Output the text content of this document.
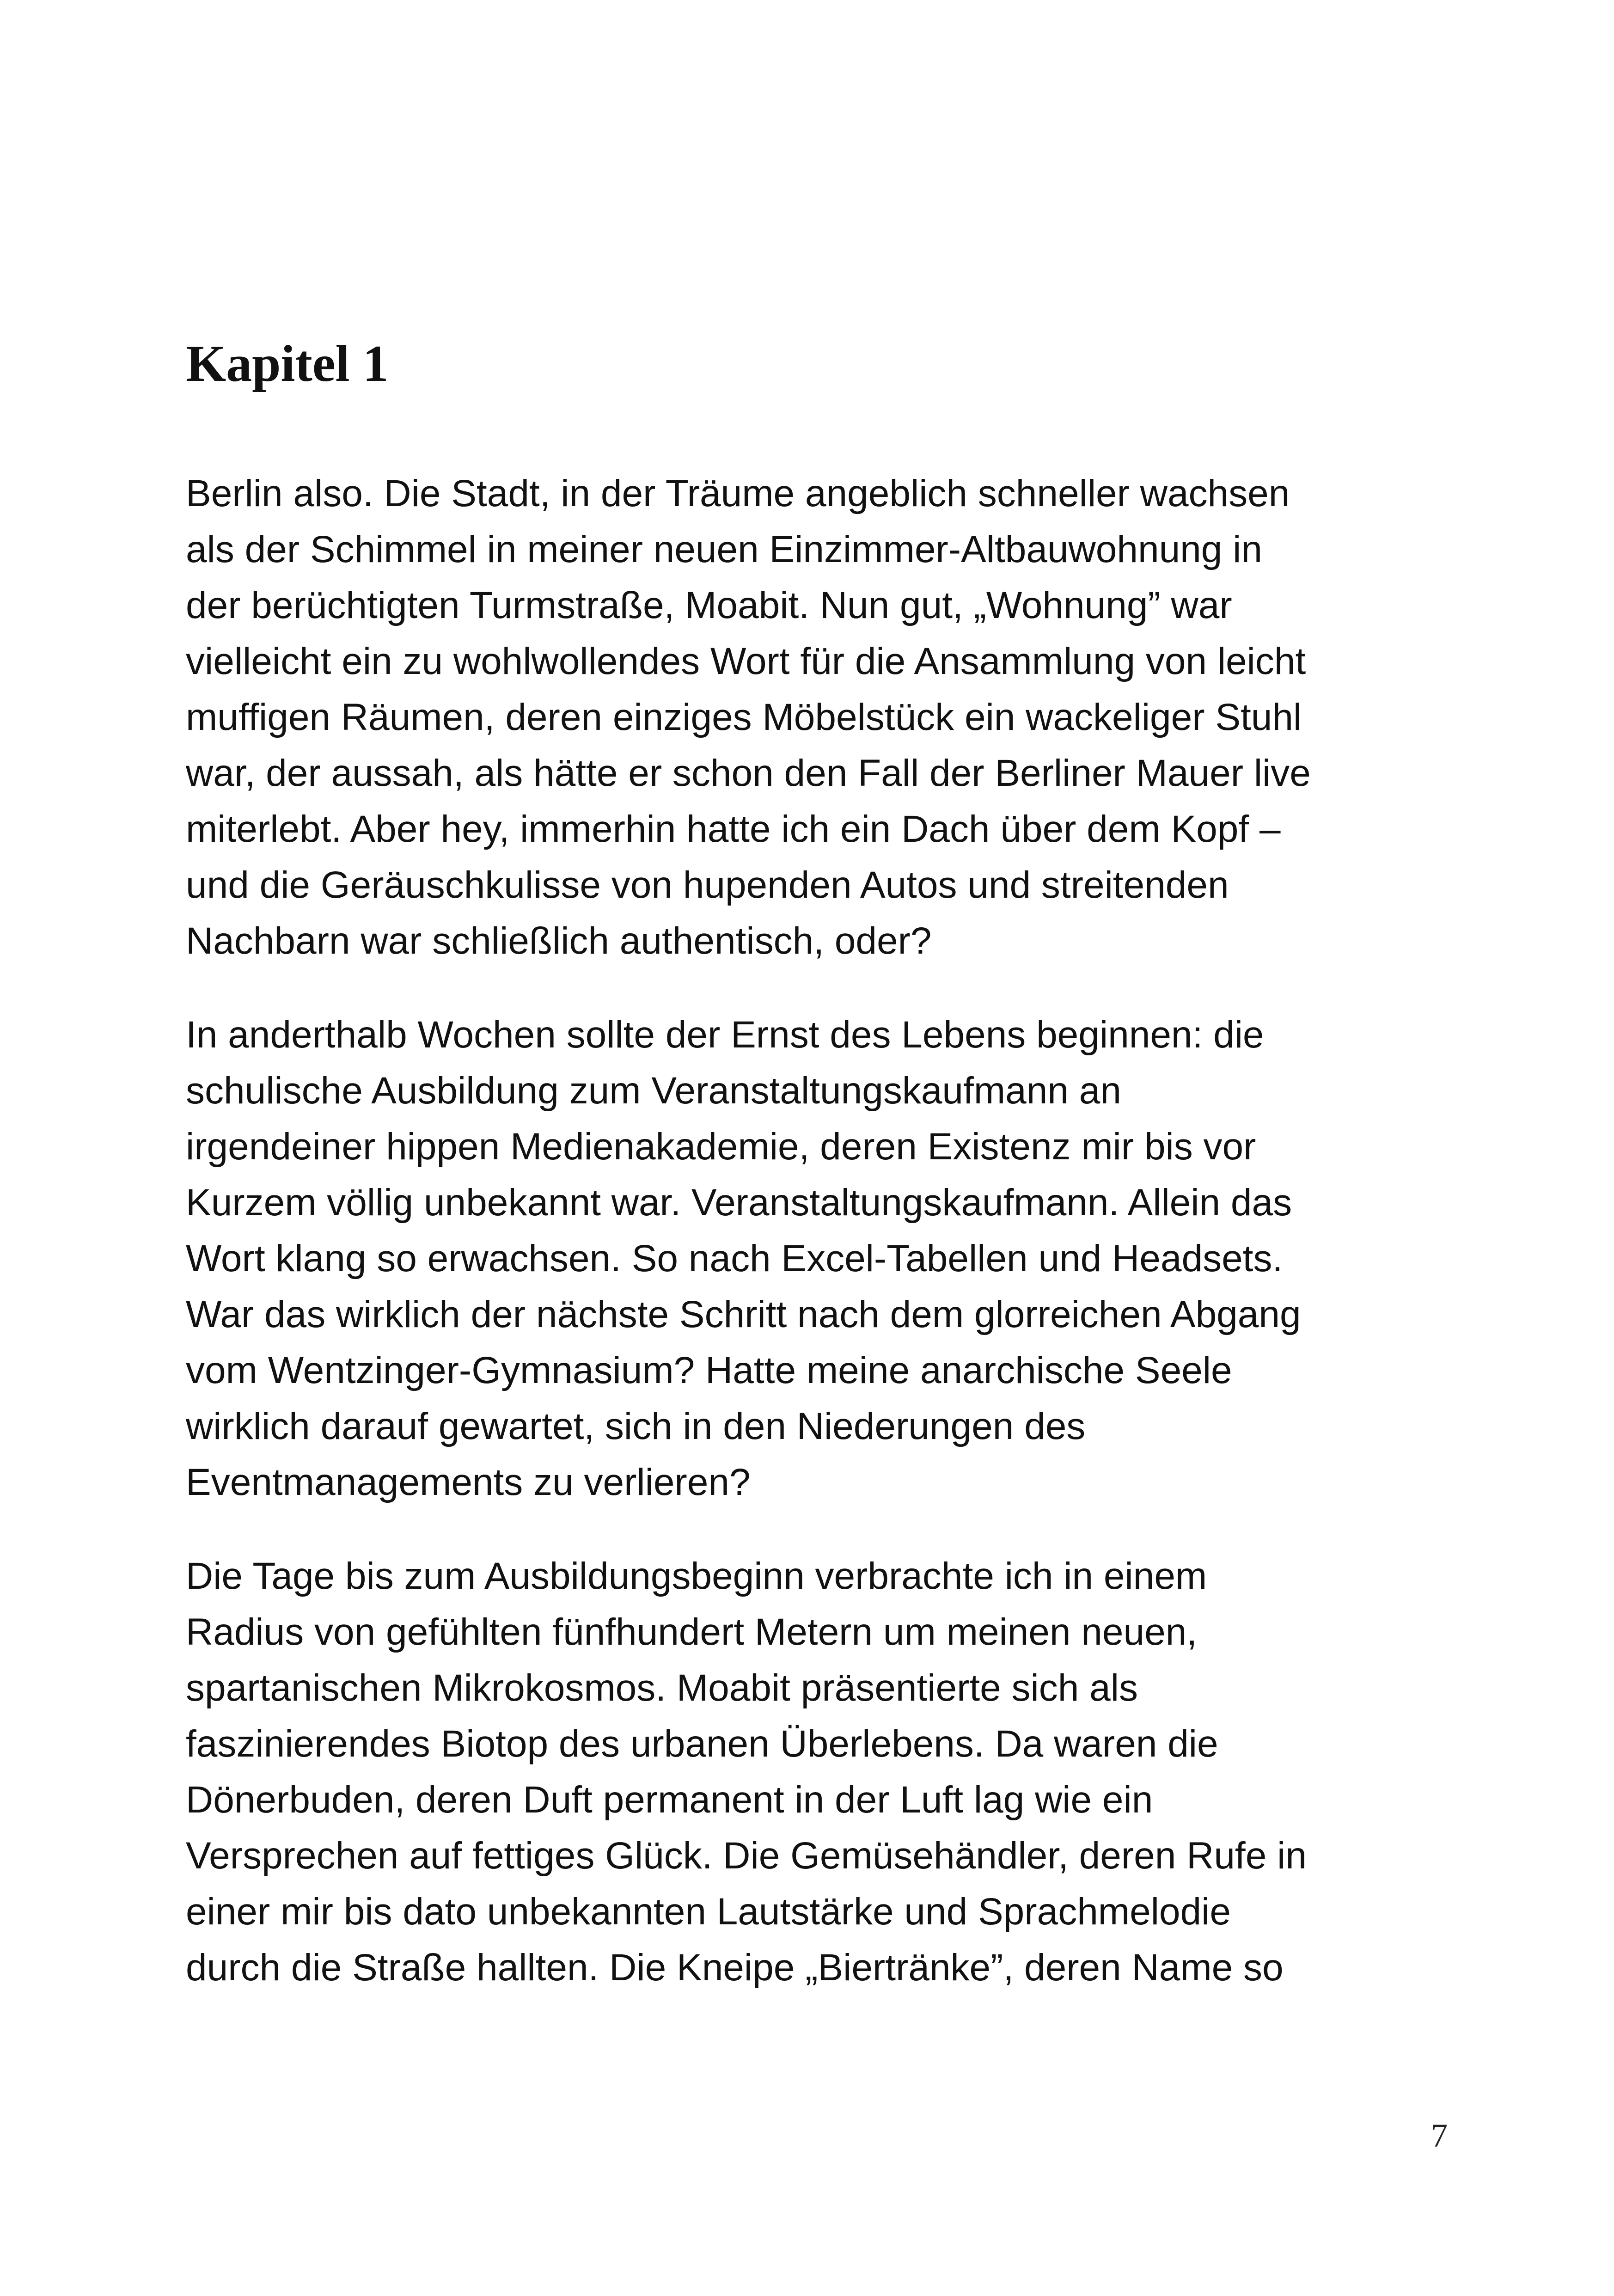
Kapitel 1

Berlin also. Die Stadt, in der Träume angeblich schneller wachsen
als der Schimmel in meiner neuen Einzimmer-Altbauwohnung in
der berüchtigten Turmstraße, Moabit. Nun gut, „Wohnung” war
vielleicht ein zu wohlwollendes Wort für die Ansammlung von leicht
muffigen Räumen, deren einziges Möbelstück ein wackeliger Stuhl
war, der aussah, als hätte er schon den Fall der Berliner Mauer live
miterlebt. Aber hey, immerhin hatte ich ein Dach über dem Kopf –
und die Geräuschkulisse von hupenden Autos und streitenden
Nachbarn war schließlich authentisch, oder?

In anderthalb Wochen sollte der Ernst des Lebens beginnen: die
schulische Ausbildung zum Veranstaltungskaufmann an
irgendeiner hippen Medienakademie, deren Existenz mir bis vor
Kurzem völlig unbekannt war. Veranstaltungskaufmann. Allein das
Wort klang so erwachsen. So nach Excel-Tabellen und Headsets.
War das wirklich der nächste Schritt nach dem glorreichen Abgang
vom Wentzinger-Gymnasium? Hatte meine anarchische Seele
wirklich darauf gewartet, sich in den Niederungen des
Eventmanagements zu verlieren?

Die Tage bis zum Ausbildungsbeginn verbrachte ich in einem
Radius von gefühlten fünfhundert Metern um meinen neuen,
spartanischen Mikrokosmos. Moabit präsentierte sich als
faszinierendes Biotop des urbanen Überlebens. Da waren die
Dönerbuden, deren Duft permanent in der Luft lag wie ein
Versprechen auf fettiges Glück. Die Gemüsehändler, deren Rufe in
einer mir bis dato unbekannten Lautstärke und Sprachmelodie
durch die Straße hallten. Die Kneipe „Biertränke”, deren Name so

7
